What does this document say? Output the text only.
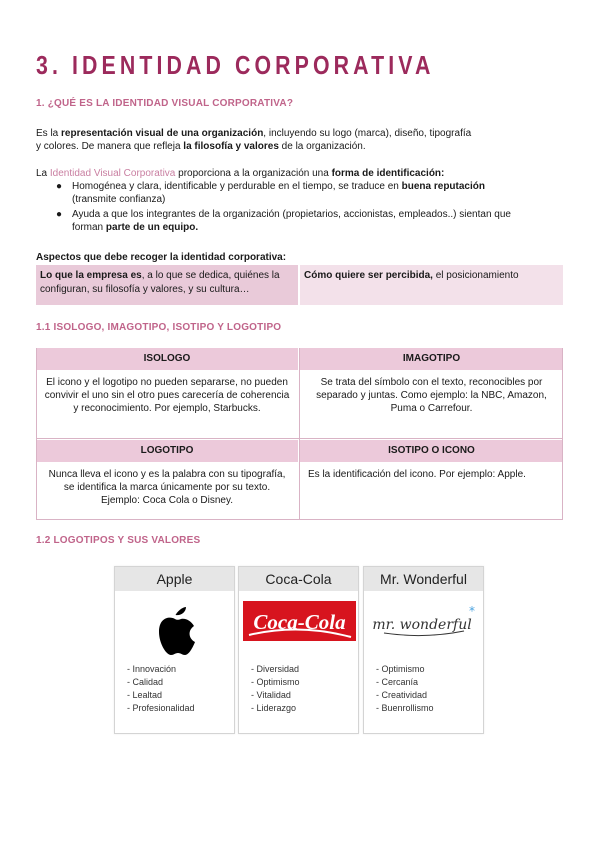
3. IDENTIDAD CORPORATIVA
1. ¿QUÉ ES LA IDENTIDAD VISUAL CORPORATIVA?

Es la representación visual de una organización, incluyendo su logo (marca), diseño, tipografía
y colores. De manera que refleja la filosofía y valores de la organización.

La Identidad Visual Corporativa proporciona a la organización una forma de identificación:

● Homogénea y clara, identificable y perdurable en el tiempo, se traduce en buena reputación
(transmite confianza)
● Ayuda a que los integrantes de la organización (propietarios, accionistas, empleados..) sientan que
forman parte de un equipo.

Aspectos que debe recoger la identidad corporativa:

Lo que la empresa es, a lo que se dedica, quiénes la configuran, su filosofía y valores, y su cultura…
Cómo quiere ser percibida, el posicionamiento
1.1 ISOLOGO, IMAGOTIPO, ISOTIPO Y LOGOTIPO
ISOLOGO	IMAGOTIPO
El icono y el logotipo no pueden separarse, no pueden convivir el uno sin el otro pues carecería de coherencia y reconocimiento. Por ejemplo, Starbucks.
Se trata del símbolo con el texto, reconocibles por separado y juntas. Como ejemplo: la NBC, Amazon, Puma o Carrefour.
LOGOTIPO	ISOTIPO O ICONO
Nunca lleva el icono y es la palabra con su tipografía, se identifica la marca únicamente por su texto. Ejemplo: Coca Cola o Disney.
Es la identificación del icono. Por ejemplo: Apple.
1.2 LOGOTIPOS Y SUS VALORES
Apple
- Innovación
- Calidad
- Lealtad
- Profesionalidad
Coca-Cola
Coca-Cola
- Diversidad
- Optimismo
- Vitalidad
- Liderazgo
Mr. Wonderful
mr. wonderful
*
- Optimismo
- Cercanía
- Creatividad
- Buenrollismo
